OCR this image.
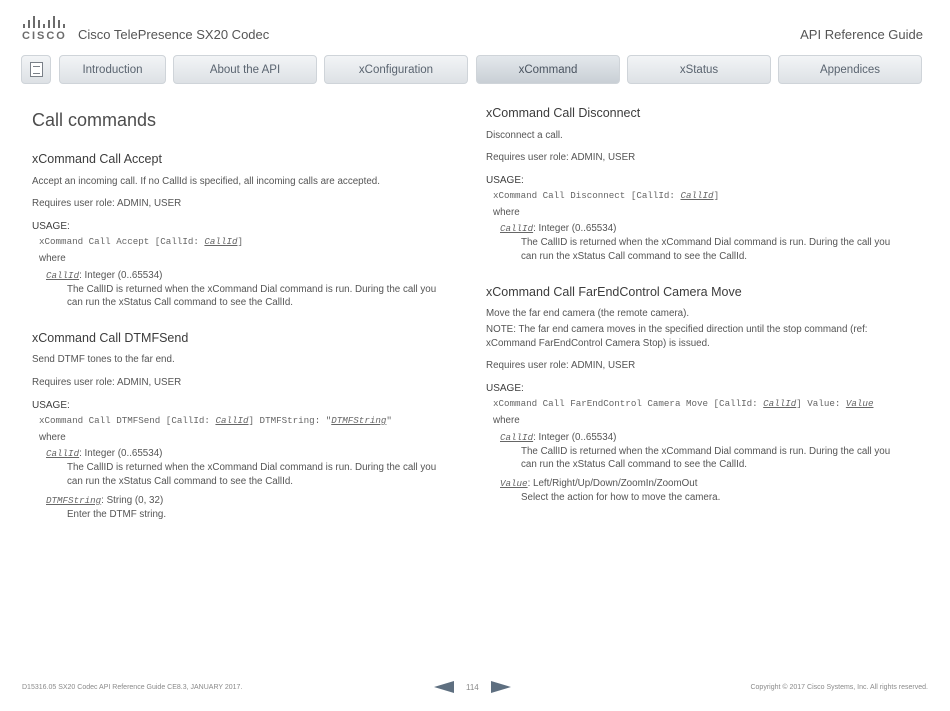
CISCO Cisco TelePresence SX20 Codec	API Reference Guide
Introduction	About the API	xConfiguration	xCommand	xStatus	Appendices
Call commands
xCommand Call Accept

Accept an incoming call. If no CallId is specified, all incoming calls are accepted.

Requires user role: ADMIN, USER

USAGE:
xCommand Call Accept [CallId: CallId]
where
CallId: Integer (0..65534)
The CallID is returned when the xCommand Dial command is run. During the call you can run the xStatus Call command to see the CallId.
xCommand Call DTMFSend

Send DTMF tones to the far end.

Requires user role: ADMIN, USER

USAGE:
xCommand Call DTMFSend [CallId: CallId] DTMFString: "DTMFString"
where
CallId: Integer (0..65534)
The CallID is returned when the xCommand Dial command is run. During the call you can run the xStatus Call command to see the CallId.
DTMFString: String (0, 32)
Enter the DTMF string.
xCommand Call Disconnect

Disconnect a call.

Requires user role: ADMIN, USER

USAGE:
xCommand Call Disconnect [CallId: CallId]
where
CallId: Integer (0..65534)
The CallID is returned when the xCommand Dial command is run. During the call you can run the xStatus Call command to see the CallId.
xCommand Call FarEndControl Camera Move

Move the far end camera (the remote camera).

NOTE: The far end camera moves in the specified direction until the stop command (ref: xCommand FarEndControl Camera Stop) is issued.

Requires user role: ADMIN, USER

USAGE:
xCommand Call FarEndControl Camera Move [CallId: CallId] Value: Value
where
CallId: Integer (0..65534)
The CallID is returned when the xCommand Dial command is run. During the call you can run the xStatus Call command to see the CallId.
Value: Left/Right/Up/Down/ZoomIn/ZoomOut
Select the action for how to move the camera.
D15316.05 SX20 Codec API Reference Guide CE8.3, JANUARY 2017.	114	Copyright © 2017 Cisco Systems, Inc. All rights reserved.
